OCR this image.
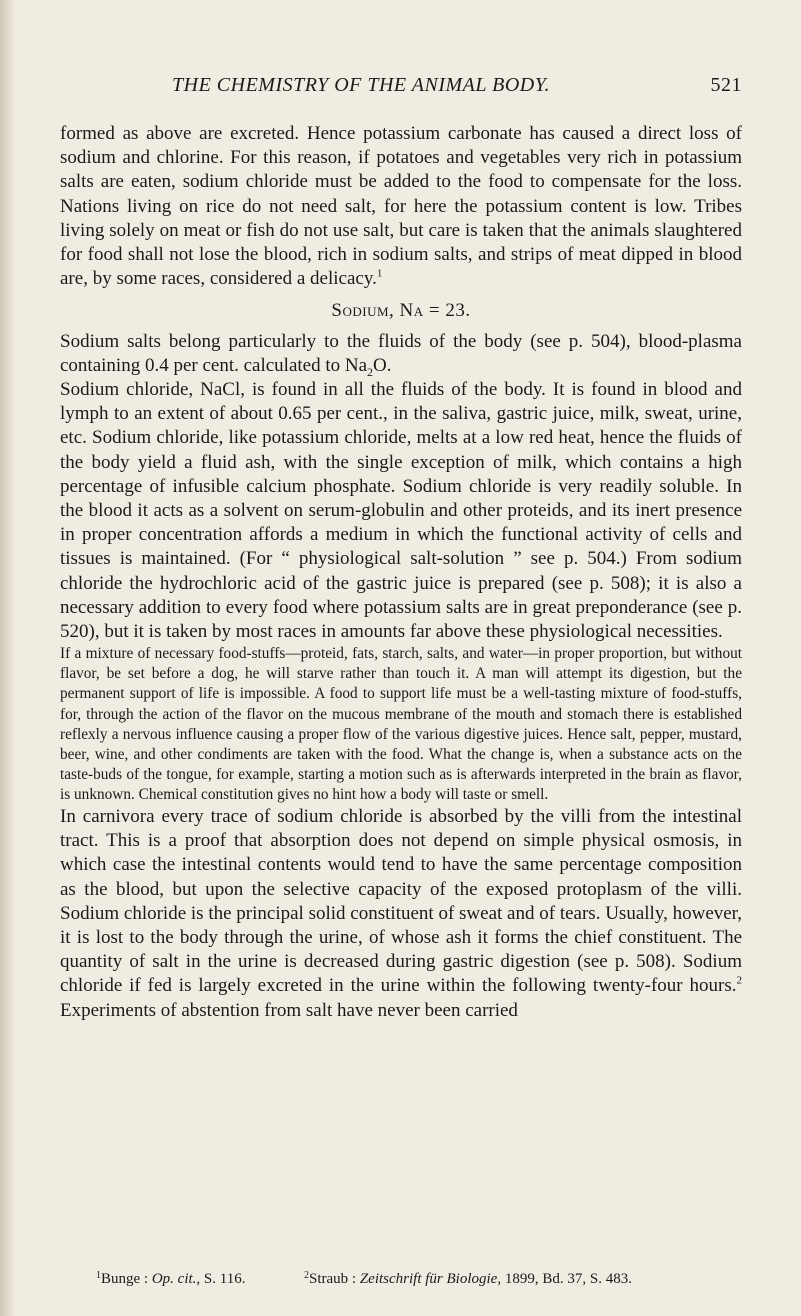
THE CHEMISTRY OF THE ANIMAL BODY.	521

formed as above are excreted. Hence potassium carbonate has caused a direct loss of sodium and chlorine. For this reason, if potatoes and vegetables very rich in potassium salts are eaten, sodium chloride must be added to the food to compensate for the loss. Nations living on rice do not need salt, for here the potassium content is low. Tribes living solely on meat or fish do not use salt, but care is taken that the animals slaughtered for food shall not lose the blood, rich in sodium salts, and strips of meat dipped in blood are, by some races, considered a delicacy.$^1$

Sodium, Na = 23.

Sodium salts belong particularly to the fluids of the body (see p. 504), blood-plasma containing 0.4 per cent. calculated to $Na_2O$.

Sodium chloride, NaCl, is found in all the fluids of the body. It is found in blood and lymph to an extent of about 0.65 per cent., in the saliva, gastric juice, milk, sweat, urine, etc. Sodium chloride, like potassium chloride, melts at a low red heat, hence the fluids of the body yield a fluid ash, with the single exception of milk, which contains a high percentage of infusible calcium phosphate. Sodium chloride is very readily soluble. In the blood it acts as a solvent on serum-globulin and other proteids, and its inert presence in proper concentration affords a medium in which the functional activity of cells and tissues is maintained. (For “ physiological salt-solution ” see p. 504.) From sodium chloride the hydrochloric acid of the gastric juice is prepared (see p. 508); it is also a necessary addition to every food where potassium salts are in great preponderance (see p. 520), but it is taken by most races in amounts far above these physiological necessities.

If a mixture of necessary food-stuffs—proteid, fats, starch, salts, and water—in proper proportion, but without flavor, be set before a dog, he will starve rather than touch it. A man will attempt its digestion, but the permanent support of life is impossible. A food to support life must be a well-tasting mixture of food-stuffs, for, through the action of the flavor on the mucous membrane of the mouth and stomach there is established reflexly a nervous influence causing a proper flow of the various digestive juices. Hence salt, pepper, mustard, beer, wine, and other condiments are taken with the food. What the change is, when a substance acts on the taste-buds of the tongue, for example, starting a motion such as is afterwards interpreted in the brain as flavor, is unknown. Chemical constitution gives no hint how a body will taste or smell.

In carnivora every trace of sodium chloride is absorbed by the villi from the intestinal tract. This is a proof that absorption does not depend on simple physical osmosis, in which case the intestinal contents would tend to have the same percentage composition as the blood, but upon the selective capacity of the exposed protoplasm of the villi. Sodium chloride is the principal solid constituent of sweat and of tears. Usually, however, it is lost to the body through the urine, of whose ash it forms the chief constituent. The quantity of salt in the urine is decreased during gastric digestion (see p. 508). Sodium chloride if fed is largely excreted in the urine within the following twenty-four hours.$^2$ Experiments of abstention from salt have never been carried

$^1$Bunge : Op. cit., S. 116.	$^2$Straub : Zeitschrift für Biologie, 1899, Bd. 37, S. 483.
